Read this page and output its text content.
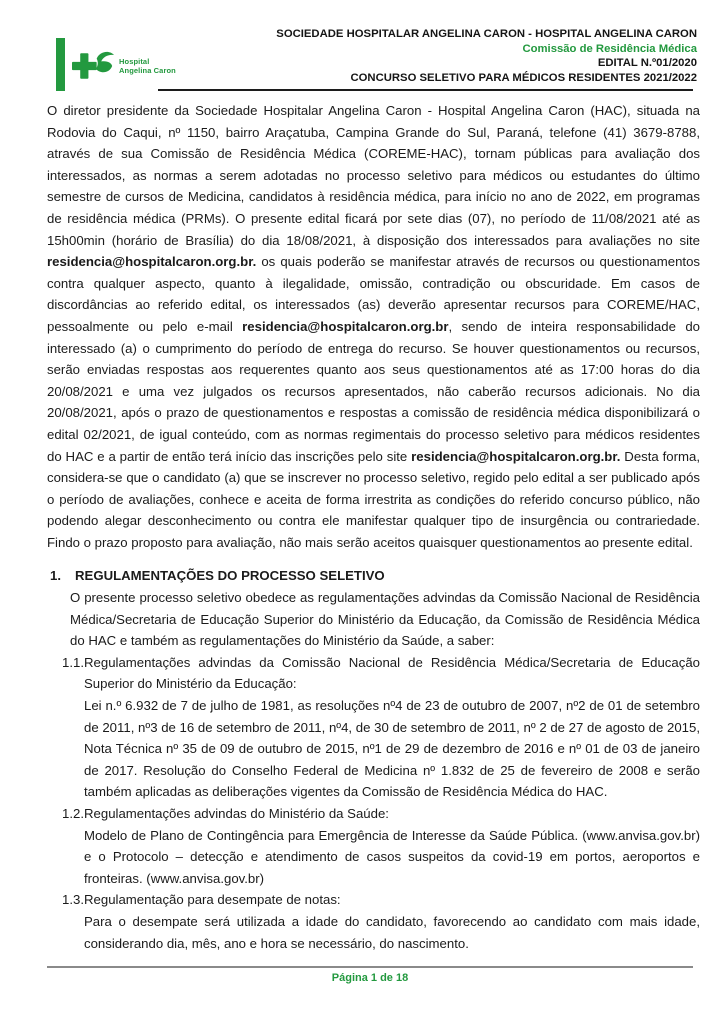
Hospital
Angelina Caron
SOCIEDADE HOSPITALAR ANGELINA CARON - HOSPITAL ANGELINA CARON
Comissão de Residência Médica
EDITAL N.º01/2020
CONCURSO SELETIVO PARA MÉDICOS RESIDENTES 2021/2022

O diretor presidente da Sociedade Hospitalar Angelina Caron - Hospital Angelina Caron (HAC), situada na Rodovia do Caqui, nº 1150, bairro Araçatuba, Campina Grande do Sul, Paraná, telefone (41) 3679-8788, através de sua Comissão de Residência Médica (COREME-HAC), tornam públicas para avaliação dos interessados, as normas a serem adotadas no processo seletivo para médicos ou estudantes do último semestre de cursos de Medicina, candidatos à residência médica, para início no ano de 2022, em programas de residência médica (PRMs). O presente edital ficará por sete dias (07), no período de 11/08/2021 até as 15h00min (horário de Brasília) do dia 18/08/2021, à disposição dos interessados para avaliações no site residencia@hospitalcaron.org.br. os quais poderão se manifestar através de recursos ou questionamentos contra qualquer aspecto, quanto à ilegalidade, omissão, contradição ou obscuridade. Em casos de discordâncias ao referido edital, os interessados (as) deverão apresentar recursos para COREME/HAC, pessoalmente ou pelo e-mail residencia@hospitalcaron.org.br, sendo de inteira responsabilidade do interessado (a) o cumprimento do período de entrega do recurso. Se houver questionamentos ou recursos, serão enviadas respostas aos requerentes quanto aos seus questionamentos até as 17:00 horas do dia 20/08/2021 e uma vez julgados os recursos apresentados, não caberão recursos adicionais. No dia 20/08/2021, após o prazo de questionamentos e respostas a comissão de residência médica disponibilizará o edital 02/2021, de igual conteúdo, com as normas regimentais do processo seletivo para médicos residentes do HAC e a partir de então terá início das inscrições pelo site residencia@hospitalcaron.org.br. Desta forma, considera-se que o candidato (a) que se inscrever no processo seletivo, regido pelo edital a ser publicado após o período de avaliações, conhece e aceita de forma irrestrita as condições do referido concurso público, não podendo alegar desconhecimento ou contra ele manifestar qualquer tipo de insurgência ou contrariedade. Findo o prazo proposto para avaliação, não mais serão aceitos quaisquer questionamentos ao presente edital.

1.	REGULAMENTAÇÕES DO PROCESSO SELETIVO

O presente processo seletivo obedece as regulamentações advindas da Comissão Nacional de Residência Médica/Secretaria de Educação Superior do Ministério da Educação, da Comissão de Residência Médica do HAC e também as regulamentações do Ministério da Saúde, a saber:

1.1.Regulamentações advindas da Comissão Nacional de Residência Médica/Secretaria de Educação Superior do Ministério da Educação:

Lei n.º 6.932 de 7 de julho de 1981, as resoluções nº4 de 23 de outubro de 2007, nº2 de 01 de setembro de 2011, nº3 de 16 de setembro de 2011, nº4, de 30 de setembro de 2011, nº 2 de 27 de agosto de 2015, Nota Técnica nº 35 de 09 de outubro de 2015, nº1 de 29 de dezembro de 2016 e nº 01 de 03 de janeiro de 2017. Resolução do Conselho Federal de Medicina nº 1.832 de 25 de fevereiro de 2008 e serão também aplicadas as deliberações vigentes da Comissão de Residência Médica do HAC.

1.2.Regulamentações advindas do Ministério da Saúde:

Modelo de Plano de Contingência para Emergência de Interesse da Saúde Pública. (www.anvisa.gov.br) e o Protocolo – detecção e atendimento de casos suspeitos da covid-19 em portos, aeroportos e fronteiras. (www.anvisa.gov.br)

1.3.Regulamentação para desempate de notas:

Para o desempate será utilizada a idade do candidato, favorecendo ao candidato com mais idade, considerando dia, mês, ano e hora se necessário, do nascimento.

Página 1 de 18
